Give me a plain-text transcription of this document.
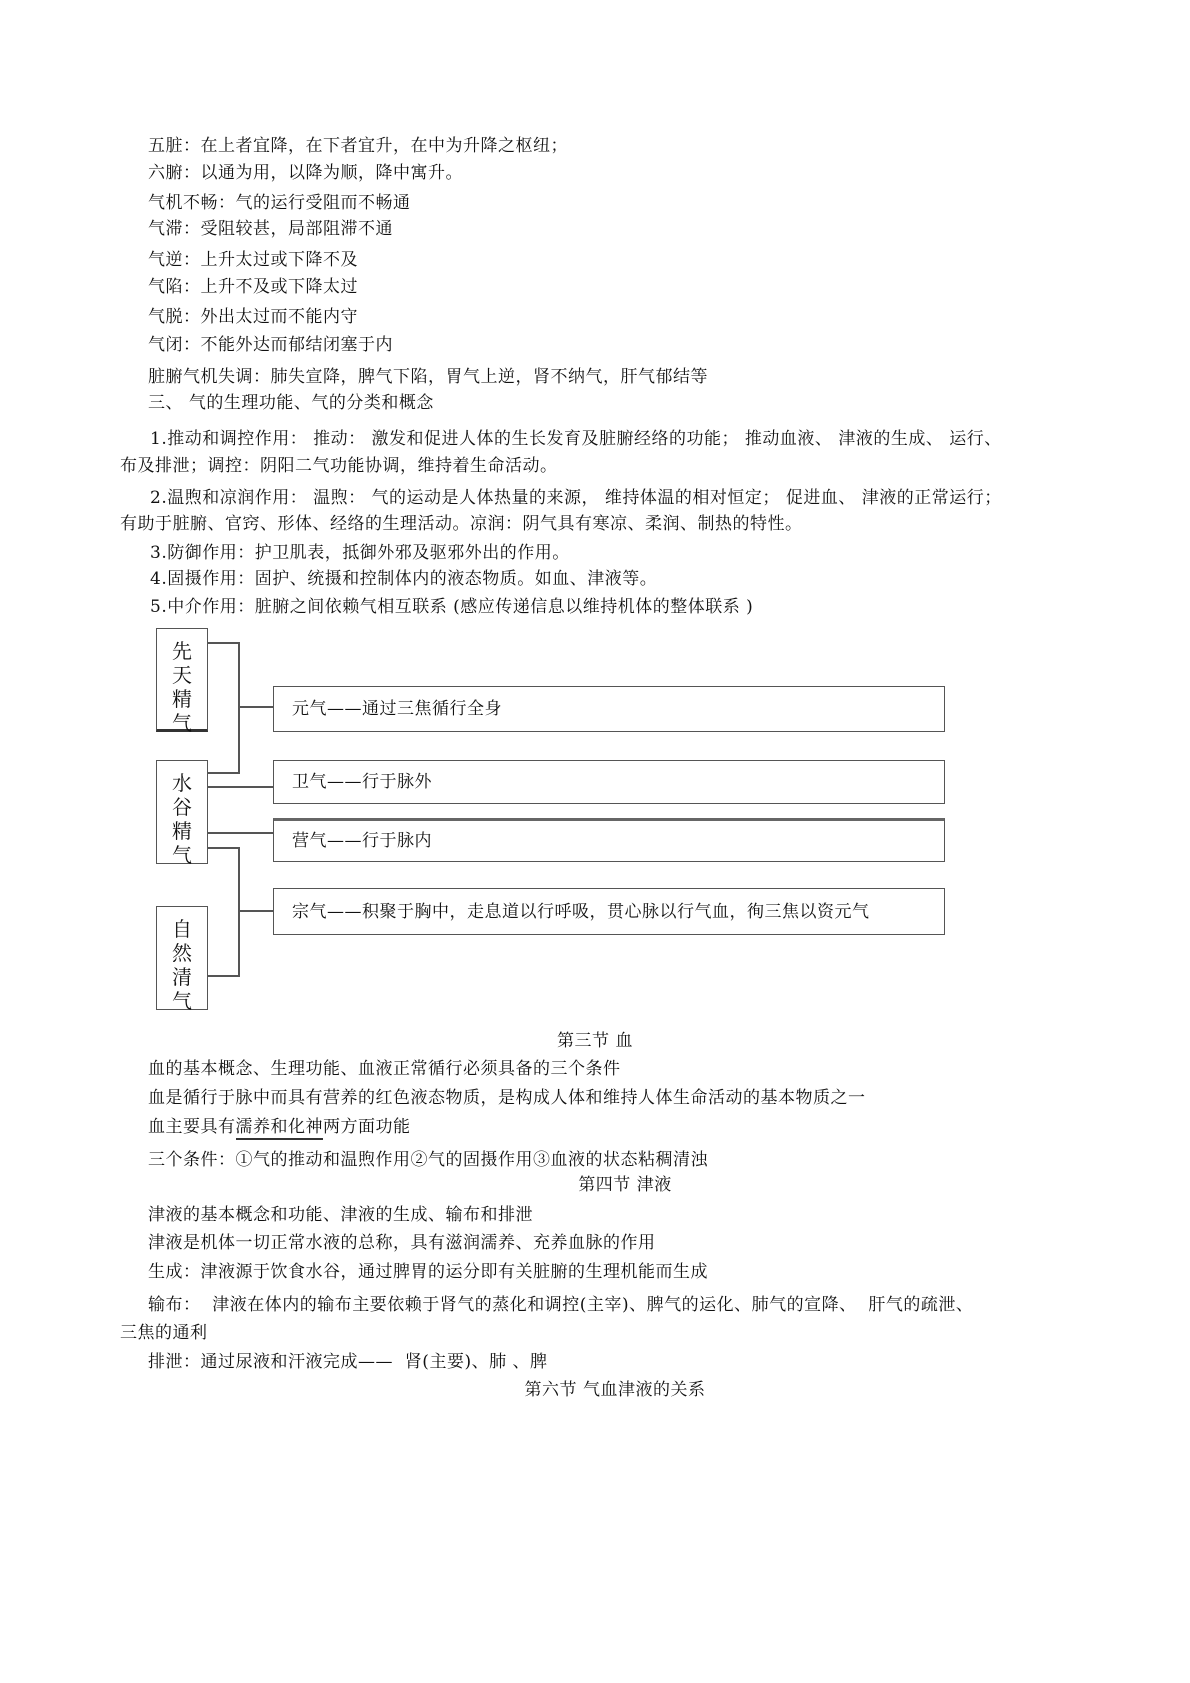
五脏：在上者宜降，在下者宜升，在中为升降之枢纽；
六腑：以通为用，以降为顺，降中寓升。
气机不畅：气的运行受阻而不畅通
气滞：受阻较甚，局部阻滞不通
气逆：上升太过或下降不及
气陷：上升不及或下降太过
气脱：外出太过而不能内守
气闭：不能外达而郁结闭塞于内
脏腑气机失调：肺失宣降，脾气下陷，胃气上逆，肾不纳气，肝气郁结等
三、 气的生理功能、气的分类和概念
1.推动和调控作用： 推动： 激发和促进人体的生长发育及脏腑经络的功能； 推动血液、 津液的生成、 运行、
布及排泄；调控：阴阳二气功能协调，维持着生命活动。
2.温煦和凉润作用： 温煦： 气的运动是人体热量的来源， 维持体温的相对恒定； 促进血、 津液的正常运行；
有助于脏腑、官窍、形体、经络的生理活动。凉润：阴气具有寒凉、柔润、制热的特性。
3.防御作用：护卫肌表，抵御外邪及驱邪外出的作用。
4.固摄作用：固护、统摄和控制体内的液态物质。如血、津液等。
5.中介作用：脏腑之间依赖气相互联系 (感应传递信息以维持机体的整体联系 )
先
天
精
气
水
谷
精
气
自
然
清
气
元气——通过三焦循行全身
卫气——行于脉外
营气——行于脉内
宗气——积聚于胸中，走息道以行呼吸，贯心脉以行气血，徇三焦以资元气
第三节 血
血的基本概念、生理功能、血液正常循行必须具备的三个条件
血是循行于脉中而具有营养的红色液态物质，是构成人体和维持人体生命活动的基本物质之一
血主要具有濡养和化神两方面功能
三个条件：①气的推动和温煦作用②气的固摄作用③血液的状态粘稠清浊
第四节 津液
津液的基本概念和功能、津液的生成、输布和排泄
津液是机体一切正常水液的总称，具有滋润濡养、充养血脉的作用
生成：津液源于饮食水谷，通过脾胃的运分即有关脏腑的生理机能而生成
输布：  津液在体内的输布主要依赖于肾气的蒸化和调控(主宰)、脾气的运化、肺气的宣降、  肝气的疏泄、
三焦的通利
排泄：通过尿液和汗液完成——  肾(主要)、肺 、脾
第六节 气血津液的关系
